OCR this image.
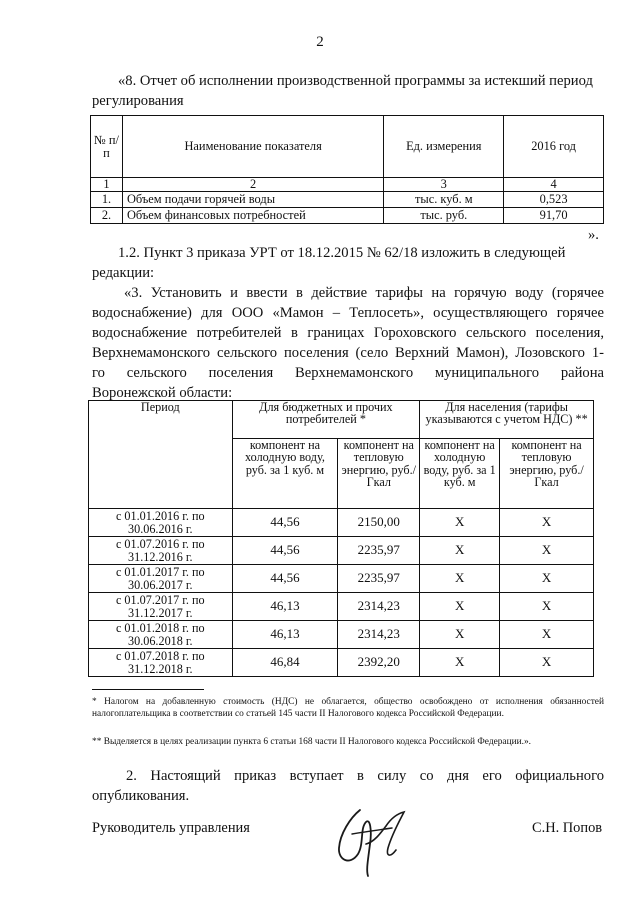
2
«8. Отчет об исполнении производственной программы за истекший период
регулирования
№ п/п	Наименование показателя	Ед. измерения	2016 год
1	2	3	4
1.	Объем подачи горячей воды	тыс. куб. м	0,523
2.	Объем финансовых потребностей	тыс. руб.	91,70
».
1.2. Пункт 3 приказа УРТ от 18.12.2015 № 62/18 изложить в следующей
редакции:
«3. Установить и ввести в действие тарифы на горячую воду (горячее
водоснабжение) для ООО «Мамон – Теплосеть», осуществляющего горячее
водоснабжение потребителей в границах Гороховского сельского поселения,
Верхнемамонского сельского поселения (село Верхний Мамон), Лозовского 1-
го сельского поселения Верхнемамонского муниципального района
Воронежской области:
Период	Для бюджетных и прочих потребителей *		Для населения (тарифы указываются с учетом НДС) **	
	компонент на холодную воду, руб. за 1 куб. м	компонент на тепловую энергию, руб./Гкал	компонент на холодную воду, руб. за 1 куб. м	компонент на тепловую энергию, руб./Гкал
с 01.01.2016 г. по
30.06.2016 г.	44,56	2150,00	Х	Х
с 01.07.2016 г. по
31.12.2016 г.	44,56	2235,97	Х	Х
с 01.01.2017 г. по
30.06.2017 г.	44,56	2235,97	Х	Х
с 01.07.2017 г. по
31.12.2017 г.	46,13	2314,23	Х	Х
с 01.01.2018 г. по
30.06.2018 г.	46,13	2314,23	Х	Х
с 01.07.2018 г. по
31.12.2018 г.	46,84	2392,20	Х	Х
* Налогом на добавленную стоимость (НДС) не облагается, общество освобождено от исполнения обязанностей налогоплательщика в соответствии со статьей 145 части II Налогового кодекса Российской Федерации.
** Выделяется в целях реализации пункта 6 статьи 168 части II Налогового кодекса Российской Федерации.».
2. Настоящий приказ вступает в силу со дня его официального
опубликования.
Руководитель управления	С.Н. Попов
